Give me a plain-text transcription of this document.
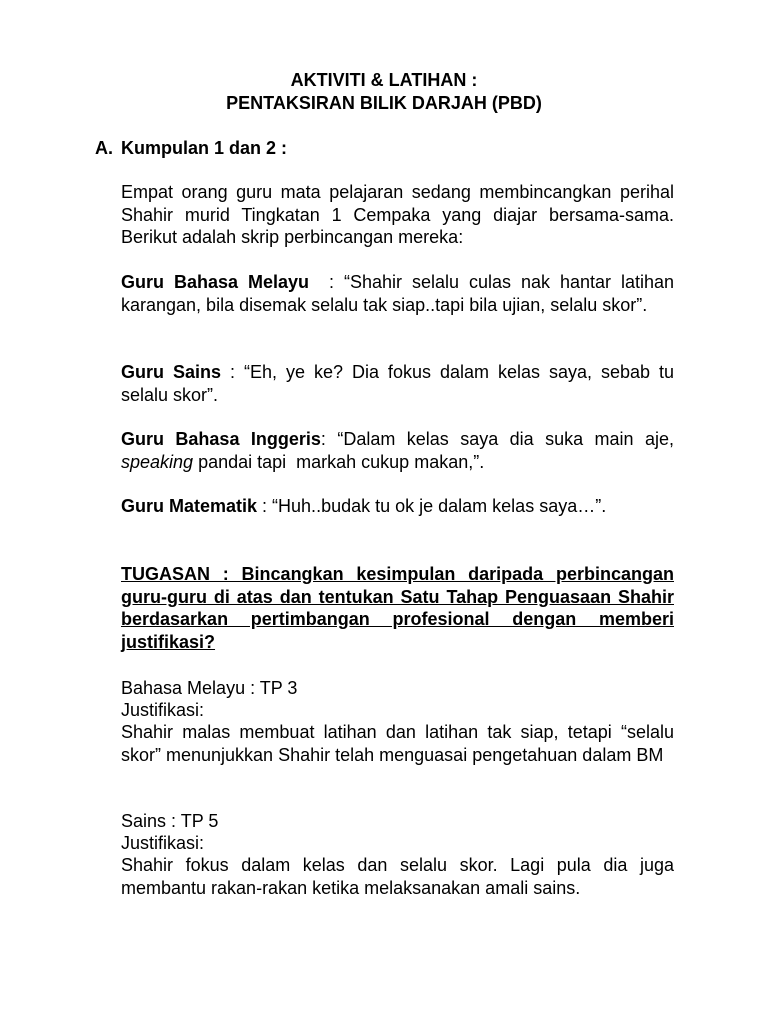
AKTIVITI & LATIHAN :
PENTAKSIRAN BILIK DARJAH (PBD)
A. Kumpulan 1 dan 2 :
Empat orang guru mata pelajaran sedang membincangkan perihal Shahir murid Tingkatan 1 Cempaka yang diajar bersama-sama. Berikut adalah skrip perbincangan mereka:
Guru Bahasa Melayu  : “Shahir selalu culas nak hantar latihan karangan, bila disemak selalu tak siap..tapi bila ujian, selalu skor”.
Guru Sains : “Eh, ye ke? Dia fokus dalam kelas saya, sebab tu selalu skor”.
Guru Bahasa Inggeris: “Dalam kelas saya dia suka main aje, speaking pandai tapi  markah cukup makan,”.
Guru Matematik : “Huh..budak tu ok je dalam kelas saya…”.
TUGASAN : Bincangkan kesimpulan daripada perbincangan guru-guru di atas dan tentukan Satu Tahap Penguasaan Shahir berdasarkan pertimbangan profesional dengan memberi justifikasi?
Bahasa Melayu : TP 3
Justifikasi:
Shahir malas membuat latihan dan latihan tak siap, tetapi “selalu skor” menunjukkan Shahir telah menguasai pengetahuan dalam BM
Sains : TP 5
Justifikasi:
Shahir fokus dalam kelas dan selalu skor. Lagi pula dia juga membantu rakan-rakan ketika melaksanakan amali sains.
